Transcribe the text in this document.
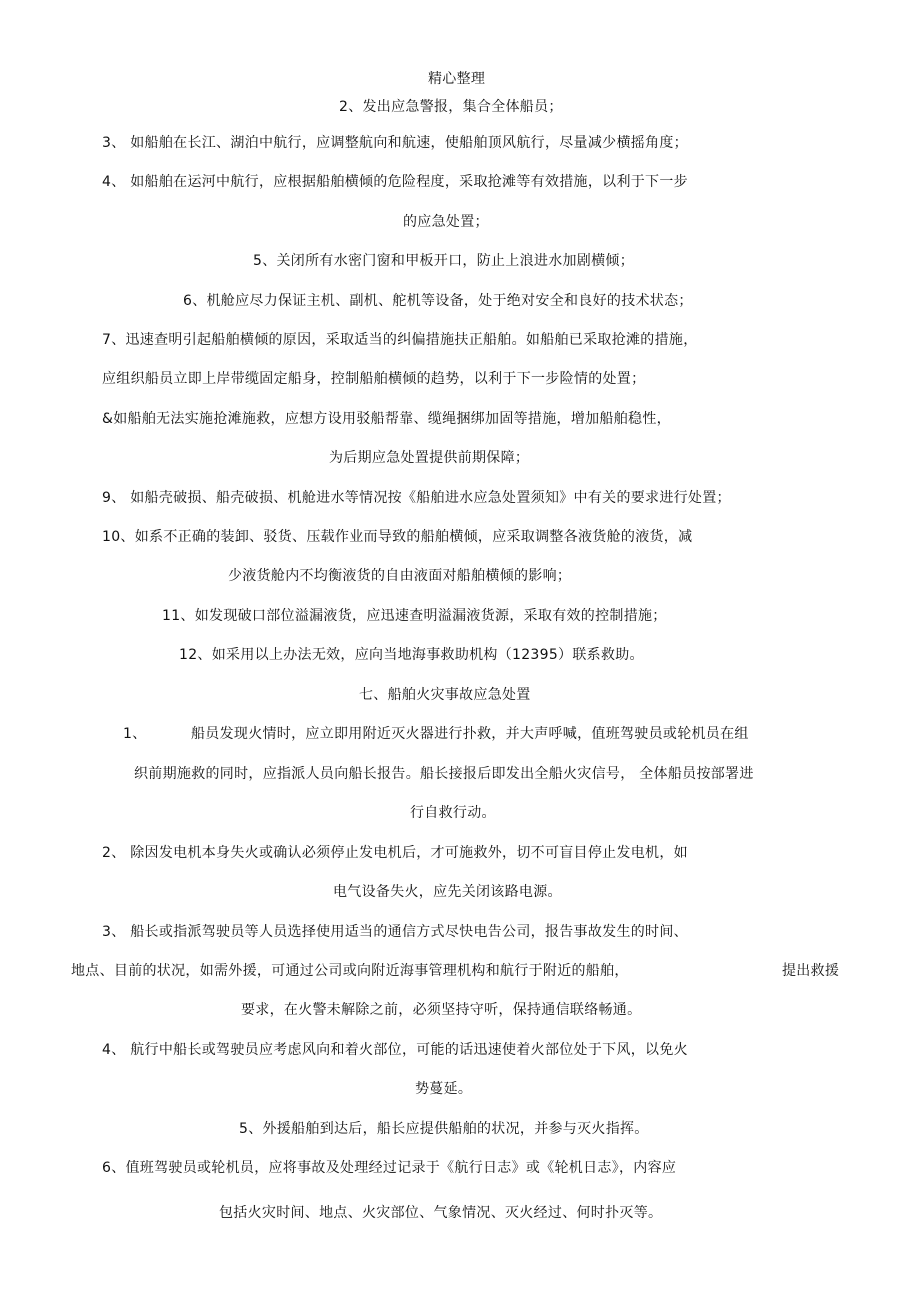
精心整理
2、发出应急警报，集合全体船员；
3、 如船舶在长江、湖泊中航行，应调整航向和航速，使船舶顶风航行，尽量减少横摇角度；
4、 如船舶在运河中航行，应根据船舶横倾的危险程度，采取抢滩等有效措施，以利于下一步
的应急处置；
5、关闭所有水密门窗和甲板开口，防止上浪进水加剧横倾；
6、机舱应尽力保证主机、副机、舵机等设备，处于绝对安全和良好的技术状态；
7、迅速查明引起船舶横倾的原因，采取适当的纠偏措施扶正船舶。如船舶已采取抢滩的措施，
应组织船员立即上岸带缆固定船身，控制船舶横倾的趋势，以利于下一步险情的处置；
&如船舶无法实施抢滩施救，应想方设用驳船帮靠、缆绳捆绑加固等措施，增加船舶稳性，
为后期应急处置提供前期保障；
9、 如船壳破损、船壳破损、机舱进水等情况按《船舶进水应急处置须知》中有关的要求进行处置；
10、如系不正确的装卸、驳货、压载作业而导致的船舶横倾，应采取调整各液货舱的液货，减
少液货舱内不均衡液货的自由液面对船舶横倾的影响；
11、如发现破口部位溢漏液货，应迅速查明溢漏液货源，采取有效的控制措施；
12、如采用以上办法无效，应向当地海事救助机构（12395）联系救助。
七、船舶火灾事故应急处置
1、	船员发现火情时，应立即用附近灭火器进行扑救，并大声呼喊，值班驾驶员或轮机员在组
织前期施救的同时，应指派人员向船长报告。船长接报后即发出全船火灾信号， 全体船员按部署进
行自救行动。
2、 除因发电机本身失火或确认必须停止发电机后，才可施救外，切不可盲目停止发电机，如
电气设备失火，应先关闭该路电源。
3、 船长或指派驾驶员等人员选择使用适当的通信方式尽快电告公司，报告事故发生的时间、
地点、目前的状况，如需外援，可通过公司或向附近海事管理机构和航行于附近的船舶，	提出救援
要求，在火警未解除之前，必须坚持守听，保持通信联络畅通。
4、 航行中船长或驾驶员应考虑风向和着火部位，可能的话迅速使着火部位处于下风，以免火
势蔓延。
5、外援船舶到达后，船长应提供船舶的状况，并参与灭火指挥。
6、值班驾驶员或轮机员，应将事故及处理经过记录于《航行日志》或《轮机日志》，内容应
包括火灾时间、地点、火灾部位、气象情况、灭火经过、何时扑灭等。
